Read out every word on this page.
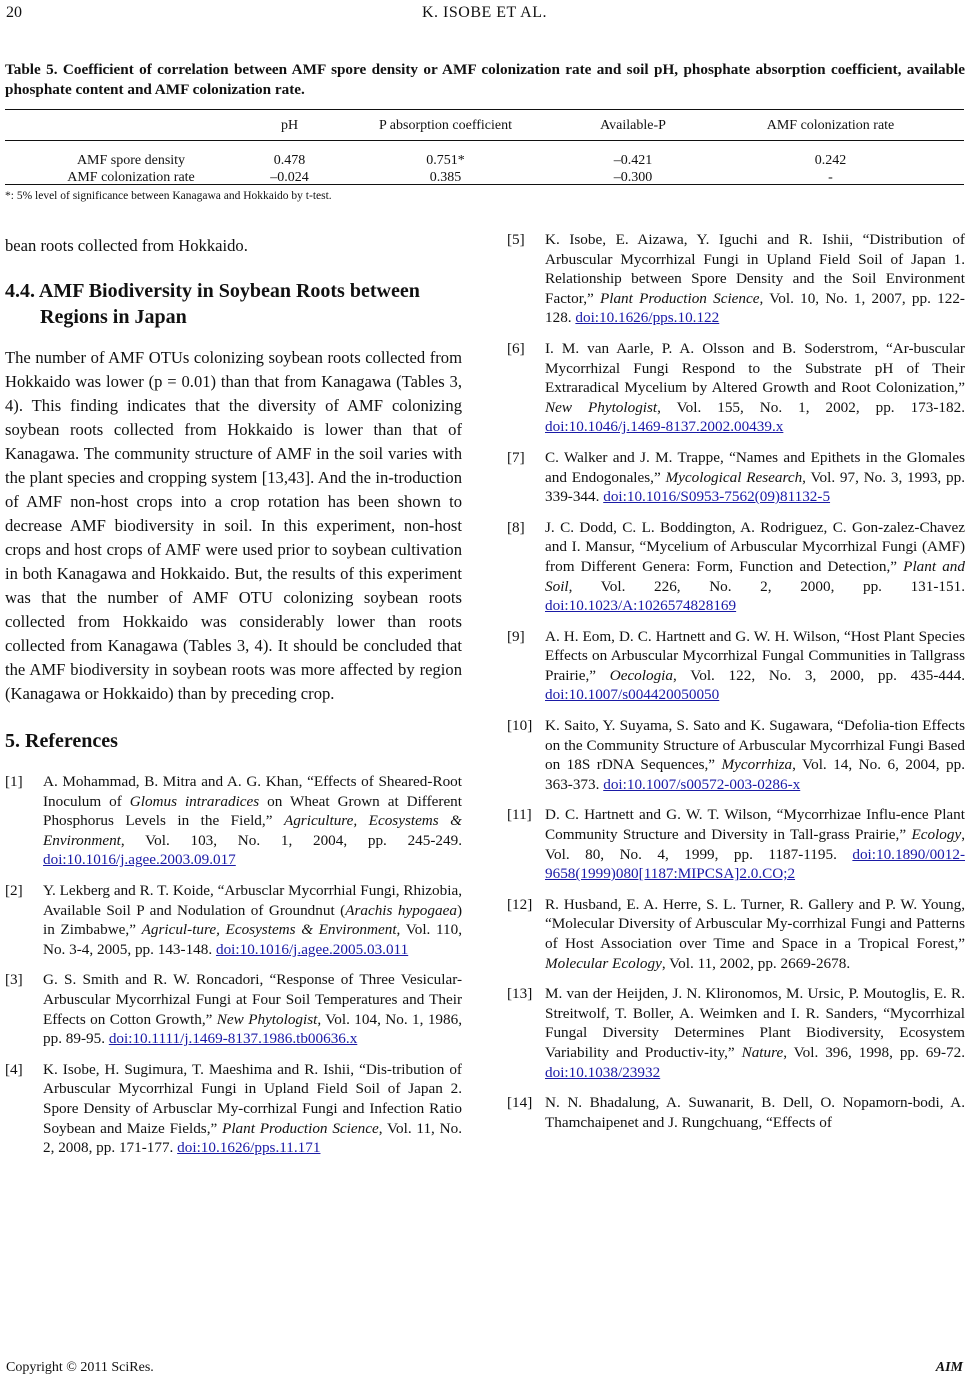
20	K. ISOBE ET AL.
Table 5. Coefficient of correlation between AMF spore density or AMF colonization rate and soil pH, phosphate absorption coefficient, available phosphate content and AMF colonization rate.
	pH	P absorption coefficient	Available-P	AMF colonization rate

AMF spore density	0.478	0.751*	–0.421	0.242
AMF colonization rate	–0.024	0.385	–0.300	-
*: 5% level of significance between Kanagawa and Hokkaido by t-test.

bean roots collected from Hokkaido.

4.4. AMF Biodiversity in Soybean Roots between
Regions in Japan

The number of AMF OTUs colonizing soybean roots collected from Hokkaido was lower (p = 0.01) than that from Kanagawa (Tables 3, 4). This finding indicates that the diversity of AMF colonizing soybean roots collected from Hokkaido is lower than that of Kanagawa. The community structure of AMF in the soil varies with the plant species and cropping system [13,43]. And the in-troduction of AMF non-host crops into a crop rotation has been shown to decrease AMF biodiversity in soil. In this experiment, non-host crops and host crops of AMF were used prior to soybean cultivation in both Kanagawa and Hokkaido. But, the results of this experiment was that the number of AMF OTU colonizing soybean roots collected from Hokkaido was considerably lower than roots collected from Kanagawa (Tables 3, 4). It should be concluded that the AMF biodiversity in soybean roots was more affected by region (Kanagawa or Hokkaido) than by preceding crop.

5. References

[1]	A. Mohammad, B. Mitra and A. G. Khan, “Effects of Sheared-Root Inoculum of Glomus intraradices on Wheat Grown at Different Phosphorus Levels in the Field,” Agriculture, Ecosystems & Environment, Vol. 103, No. 1, 2004, pp. 245-249. doi:10.1016/j.agee.2003.09.017
[2]	Y. Lekberg and R. T. Koide, “Arbusclar Mycorrhial Fungi, Rhizobia, Available Soil P and Nodulation of Groundnut (Arachis hypogaea) in Zimbabwe,” Agricul-ture, Ecosystems & Environment, Vol. 110, No. 3-4, 2005, pp. 143-148. doi:10.1016/j.agee.2005.03.011
[3]	G. S. Smith and R. W. Roncadori, “Response of Three Vesicular-Arbuscular Mycorrhizal Fungi at Four Soil Temperatures and Their Effects on Cotton Growth,” New Phytologist, Vol. 104, No. 1, 1986, pp. 89-95. doi:10.1111/j.1469-8137.1986.tb00636.x
[4]	K. Isobe, H. Sugimura, T. Maeshima and R. Ishii, “Dis-tribution of Arbuscular Mycorrhizal Fungi in Upland Field Soil of Japan 2. Spore Density of Arbusclar My-corrhizal Fungi and Infection Ratio Soybean and Maize Fields,” Plant Production Science, Vol. 11, No. 2, 2008, pp. 171-177. doi:10.1626/pps.11.171
[5]	K. Isobe, E. Aizawa, Y. Iguchi and R. Ishii, “Distribution of Arbuscular Mycorrhizal Fungi in Upland Field Soil of Japan 1. Relationship between Spore Density and the Soil Environment Factor,” Plant Production Science, Vol. 10, No. 1, 2007, pp. 122-128. doi:10.1626/pps.10.122
[6]	I. M. van Aarle, P. A. Olsson and B. Soderstrom, “Ar-buscular Mycorrhizal Fungi Respond to the Substrate pH of Their Extraradical Mycelium by Altered Growth and Root Colonization,” New Phytologist, Vol. 155, No. 1, 2002, pp. 173-182. doi:10.1046/j.1469-8137.2002.00439.x
[7]	C. Walker and J. M. Trappe, “Names and Epithets in the Glomales and Endogonales,” Mycological Research, Vol. 97, No. 3, 1993, pp. 339-344. doi:10.1016/S0953-7562(09)81132-5
[8]	J. C. Dodd, C. L. Boddington, A. Rodriguez, C. Gon-zalez-Chavez and I. Mansur, “Mycelium of Arbuscular Mycorrhizal Fungi (AMF) from Different Genera: Form, Function and Detection,” Plant and Soil, Vol. 226, No. 2, 2000, pp. 131-151. doi:10.1023/A:1026574828169
[9]	A. H. Eom, D. C. Hartnett and G. W. H. Wilson, “Host Plant Species Effects on Arbuscular Mycorrhizal Fungal Communities in Tallgrass Prairie,” Oecologia, Vol. 122, No. 3, 2000, pp. 435-444. doi:10.1007/s004420050050
[10] K. Saito, Y. Suyama, S. Sato and K. Sugawara, “Defolia-tion Effects on the Community Structure of Arbuscular Mycorrhizal Fungi Based on 18S rDNA Sequences,” Mycorrhiza, Vol. 14, No. 6, 2004, pp. 363-373. doi:10.1007/s00572-003-0286-x
[11] D. C. Hartnett and G. W. T. Wilson, “Mycorrhizae Influ-ence Plant Community Structure and Diversity in Tall-grass Prairie,” Ecology, Vol. 80, No. 4, 1999, pp. 1187-1195. doi:10.1890/0012-9658(1999)080[1187:MIPCSA]2.0.CO;2
[12] R. Husband, E. A. Herre, S. L. Turner, R. Gallery and P. W. Young, “Molecular Diversity of Arbuscular My-corrhizal Fungi and Patterns of Host Association over Time and Space in a Tropical Forest,” Molecular Ecology, Vol. 11, 2002, pp. 2669-2678.
[13] M. van der Heijden, J. N. Klironomos, M. Ursic, P. Moutoglis, E. R. Streitwolf, T. Boller, A. Weimken and I. R. Sanders, “Mycorrhizal Fungal Diversity Determines Plant Biodiversity, Ecosystem Variability and Productiv-ity,” Nature, Vol. 396, 1998, pp. 69-72. doi:10.1038/23932
[14] N. N. Bhadalung, A. Suwanarit, B. Dell, O. Nopamorn-bodi, A. Thamchaipenet and J. Rungchuang, “Effects of
Copyright © 2011 SciRes.	AIM
